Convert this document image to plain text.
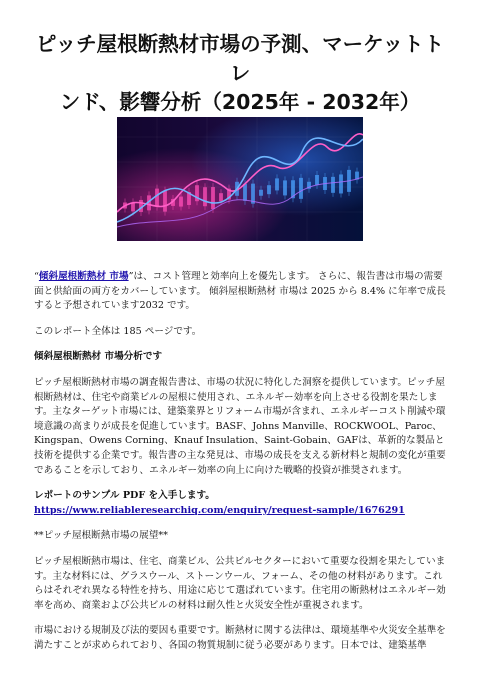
ピッチ屋根断熱材市場の予測、マーケットトレ
ンド、影響分析（2025年 - 2032年）

“傾斜屋根断熱材 市場”は、コスト管理と効率向上を優先します。 さらに、報告書は市場の需要面と供給面の両方をカバーしています。 傾斜屋根断熱材 市場は 2025 から 8.4% に年率で成長すると予想されています2032 です。

このレポート全体は 185 ページです。

傾斜屋根断熱材 市場分析です

ピッチ屋根断熱材市場の調査報告書は、市場の状況に特化した洞察を提供しています。ピッチ屋根断熱材は、住宅や商業ビルの屋根に使用され、エネルギー効率を向上させる役割を果たします。主なターゲット市場には、建築業界とリフォーム市場が含まれ、エネルギーコスト削減や環境意識の高まりが成長を促進しています。BASF、Johns Manville、ROCKWOOL、Paroc、Kingspan、Owens Corning、Knauf Insulation、Saint-Gobain、GAFは、革新的な製品と技術を提供する企業です。報告書の主な発見は、市場の成長を支える新材料と規制の変化が重要であることを示しており、エネルギー効率の向上に向けた戦略的投資が推奨されます。

レポートのサンプル PDF を入手します。 https://www.reliableresearchiq.com/enquiry/request-sample/1676291

**ピッチ屋根断熱市場の展望**

ピッチ屋根断熱市場は、住宅、商業ビル、公共ビルセクターにおいて重要な役割を果たしています。主な材料には、グラスウール、ストーンウール、フォーム、その他の材料があります。これらはそれぞれ異なる特性を持ち、用途に応じて選ばれています。住宅用の断熱材はエネルギー効率を高め、商業および公共ビルの材料は耐久性と火災安全性が重視されます。

市場における規制及び法的要因も重要です。断熱材に関する法律は、環境基準や火災安全基準を満たすことが求められており、各国の物質規制に従う必要があります。日本では、建築基準
